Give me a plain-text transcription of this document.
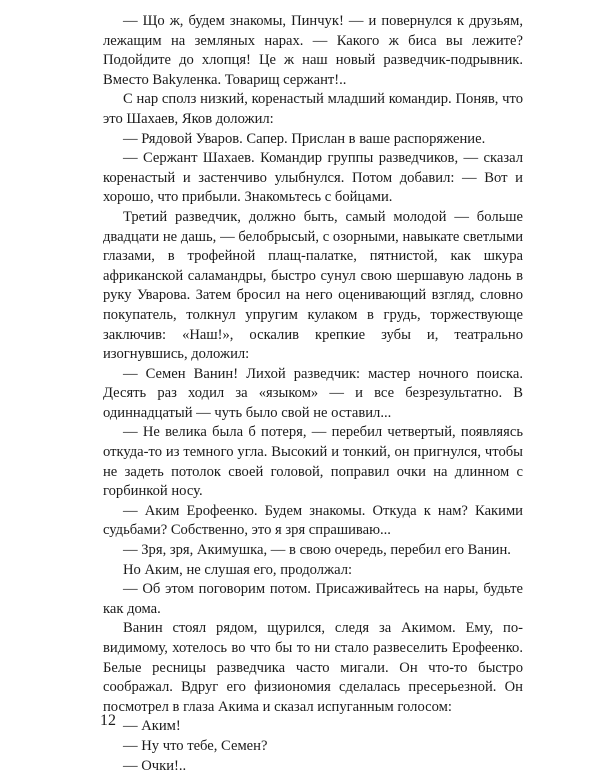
— Що ж, будем знакомы, Пинчук! — и повернулся к друзьям, лежащим на земляных нарах. — Какого ж биса вы лежите? Подойдите до хлопця! Це ж наш новый разведчик-подрывник. Вместо Ваkуленка. Товарищ сержант!..

С нар сполз низкий, коренастый младший командир. Поняв, что это Шахаев, Яков доложил:

— Рядовой Уваров. Сапер. Прислан в ваше распоряжение.

— Сержант Шахаев. Командир группы разведчиков, — сказал коренастый и застенчиво улыбнулся. Потом добавил: — Вот и хорошо, что прибыли. Знакомьтесь с бойцами.

Третий разведчик, должно быть, самый молодой — больше двадцати не дашь, — белобрысый, с озорными, навыкате светлыми глазами, в трофейной плащ-палатке, пятнистой, как шкура африканской саламандры, быстро сунул свою шершавую ладонь в руку Уварова. Затем бросил на него оценивающий взгляд, словно покупатель, толкнул упругим кулаком в грудь, торжествующе заключив: «Наш!», оскалив крепкие зубы и, театрально изогнувшись, доложил:

— Семен Ванин! Лихой разведчик: мастер ночного поиска. Десять раз ходил за «языком» — и все безрезультатно. В одиннадцатый — чуть было свой не оставил...

— Не велика была б потеря, — перебил четвертый, появляясь откуда-то из темного угла. Высокий и тонкий, он пригнулся, чтобы не задеть потолок своей головой, поправил очки на длинном с горбинкой носу.

— Аким Ерофеенко. Будем знакомы. Откуда к нам? Какими судьбами? Собственно, это я зря спрашиваю...

— Зря, зря, Акимушка, — в свою очередь, перебил его Ванин.

Но Аким, не слушая его, продолжал:

— Об этом поговорим потом. Присаживайтесь на нары, будьте как дома.

Ванин стоял рядом, щурился, следя за Акимом. Ему, по-видимому, хотелось во что бы то ни стало развеселить Ерофеенко. Белые ресницы разведчика часто мигали. Он что-то быстро соображал. Вдруг его физиономия сделалась пресерьезной. Он посмотрел в глаза Акима и сказал испуганным голосом:

— Аким!

— Ну что тебе, Семен?

— Очки!..

12
